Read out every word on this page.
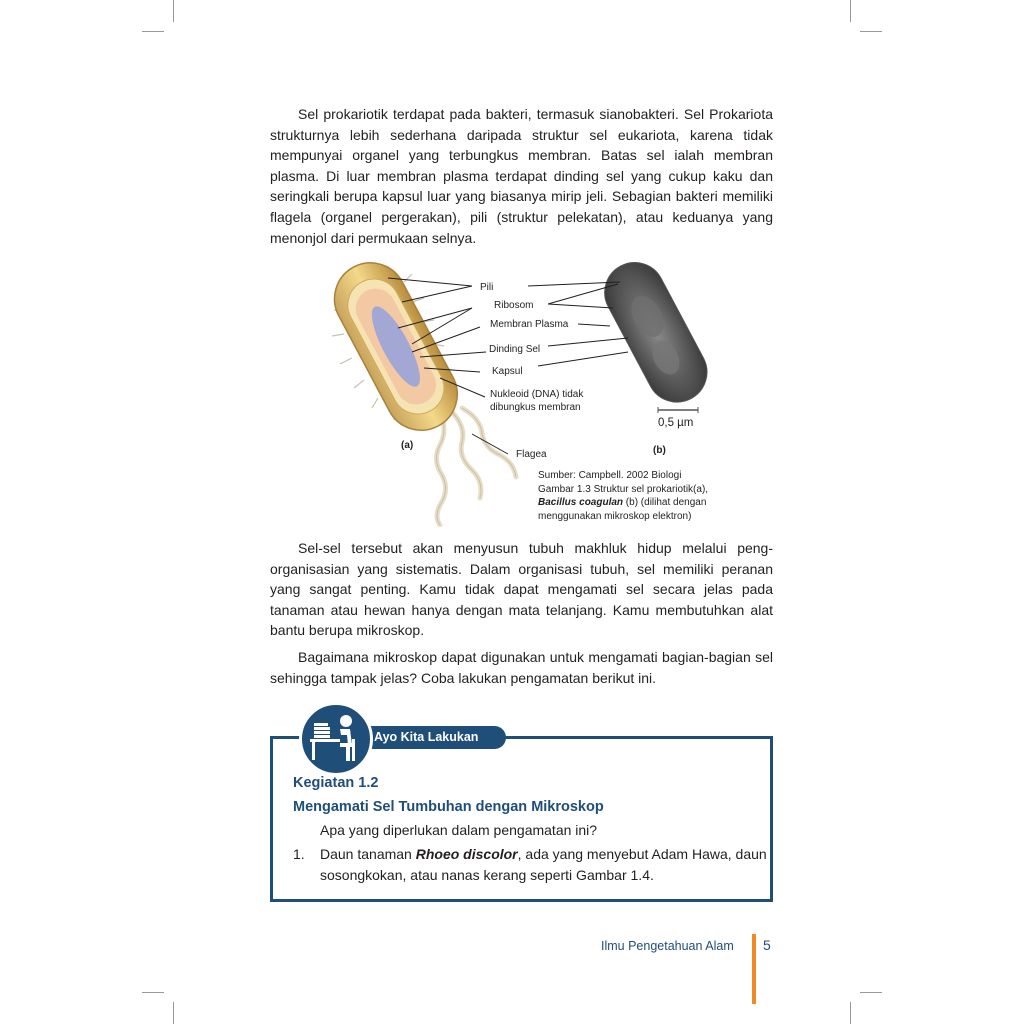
Sel prokariotik terdapat pada bakteri, termasuk sianobakteri. Sel Prokariota strukturnya lebih sederhana daripada struktur sel eukariota, karena tidak mempunyai organel yang terbungkus membran. Batas sel ialah membran plasma. Di luar membran plasma terdapat dinding sel yang cukup kaku dan seringkali berupa kapsul luar yang biasanya mirip jeli. Sebagian bakteri memiliki flagela (organel pergerakan), pili (struktur pelekatan), atau keduanya yang menonjol dari permukaan selnya.

Pili
Ribosom
Membran Plasma
Dinding Sel
Kapsul
Nukleoid (DNA) tidak
dibungkus membran
Flagea
(a)	(b)
0,5 µm
Sumber: Campbell. 2002 Biologi
Gambar 1.3 Struktur sel prokariotik(a),
Bacillus coagulan (b) (dilihat dengan
menggunakan mikroskop elektron)

Sel-sel tersebut akan menyusun tubuh makhluk hidup melalui peng-organisasian yang sistematis. Dalam organisasi tubuh, sel memiliki peranan yang sangat penting. Kamu tidak dapat mengamati sel secara jelas pada tanaman atau hewan hanya dengan mata telanjang. Kamu membutuhkan alat bantu berupa mikroskop.

Bagaimana mikroskop dapat digunakan untuk mengamati bagian-bagian sel sehingga tampak jelas? Coba lakukan pengamatan berikut ini.

Ayo Kita Lakukan
Kegiatan 1.2
Mengamati Sel Tumbuhan dengan Mikroskop
Apa yang diperlukan dalam pengamatan ini?
1. Daun tanaman Rhoeo discolor, ada yang menyebut Adam Hawa, daun
sosongkokan, atau nanas kerang seperti Gambar 1.4.
Ilmu Pengetahuan Alam 5
